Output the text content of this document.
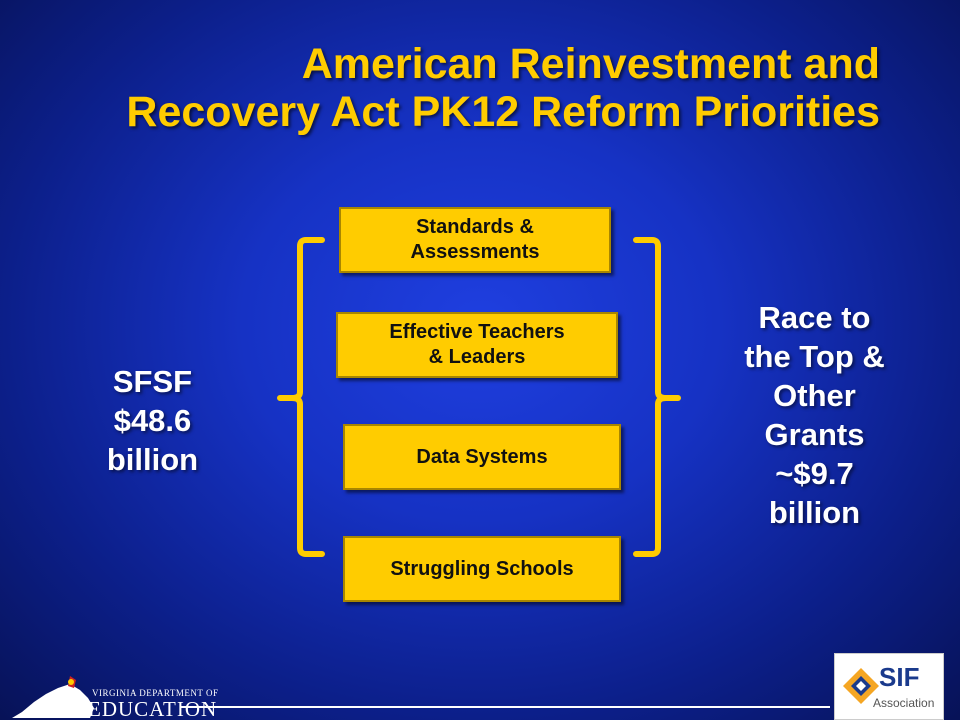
American Reinvestment and
Recovery Act PK12 Reform Priorities
Standards &
Assessments
Effective Teachers
& Leaders
Data Systems
Struggling Schools
SFSF
$48.6
billion
Race to
the Top &
Other
Grants
~$9.7
billion
VIRGINIA DEPARTMENT OF
EDUCATION
SIF
Association
